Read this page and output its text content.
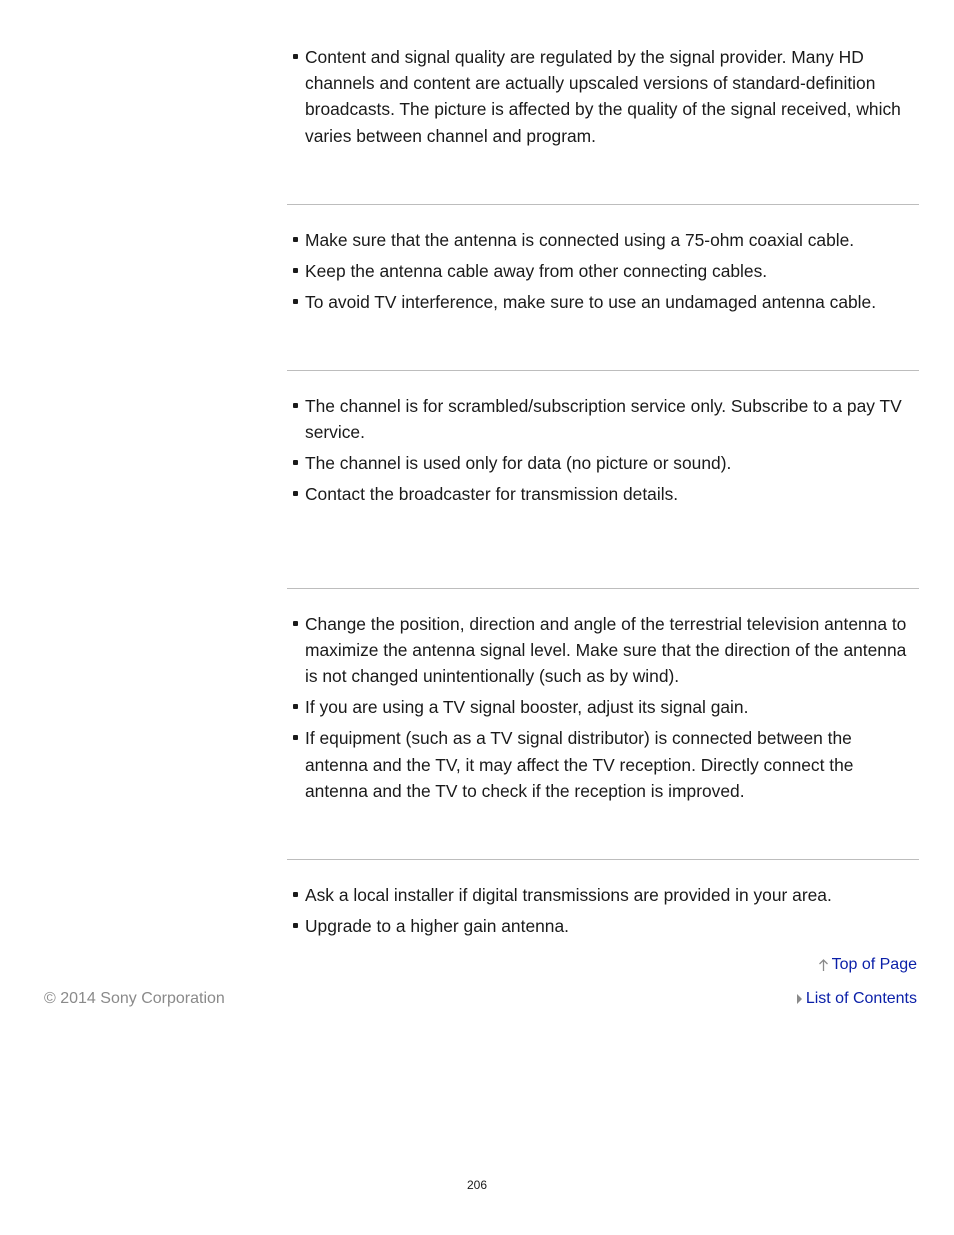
Content and signal quality are regulated by the signal provider. Many HD channels and content are actually upscaled versions of standard-definition broadcasts. The picture is affected by the quality of the signal received, which varies between channel and program.
Make sure that the antenna is connected using a 75-ohm coaxial cable.
Keep the antenna cable away from other connecting cables.
To avoid TV interference, make sure to use an undamaged antenna cable.
The channel is for scrambled/subscription service only. Subscribe to a pay TV service.
The channel is used only for data (no picture or sound).
Contact the broadcaster for transmission details.
Change the position, direction and angle of the terrestrial television antenna to maximize the antenna signal level. Make sure that the direction of the antenna is not changed unintentionally (such as by wind).
If you are using a TV signal booster, adjust its signal gain.
If equipment (such as a TV signal distributor) is connected between the antenna and the TV, it may affect the TV reception. Directly connect the antenna and the TV to check if the reception is improved.
Ask a local installer if digital transmissions are provided in your area.
Upgrade to a higher gain antenna.
Top of Page
© 2014 Sony Corporation	List of Contents
206
